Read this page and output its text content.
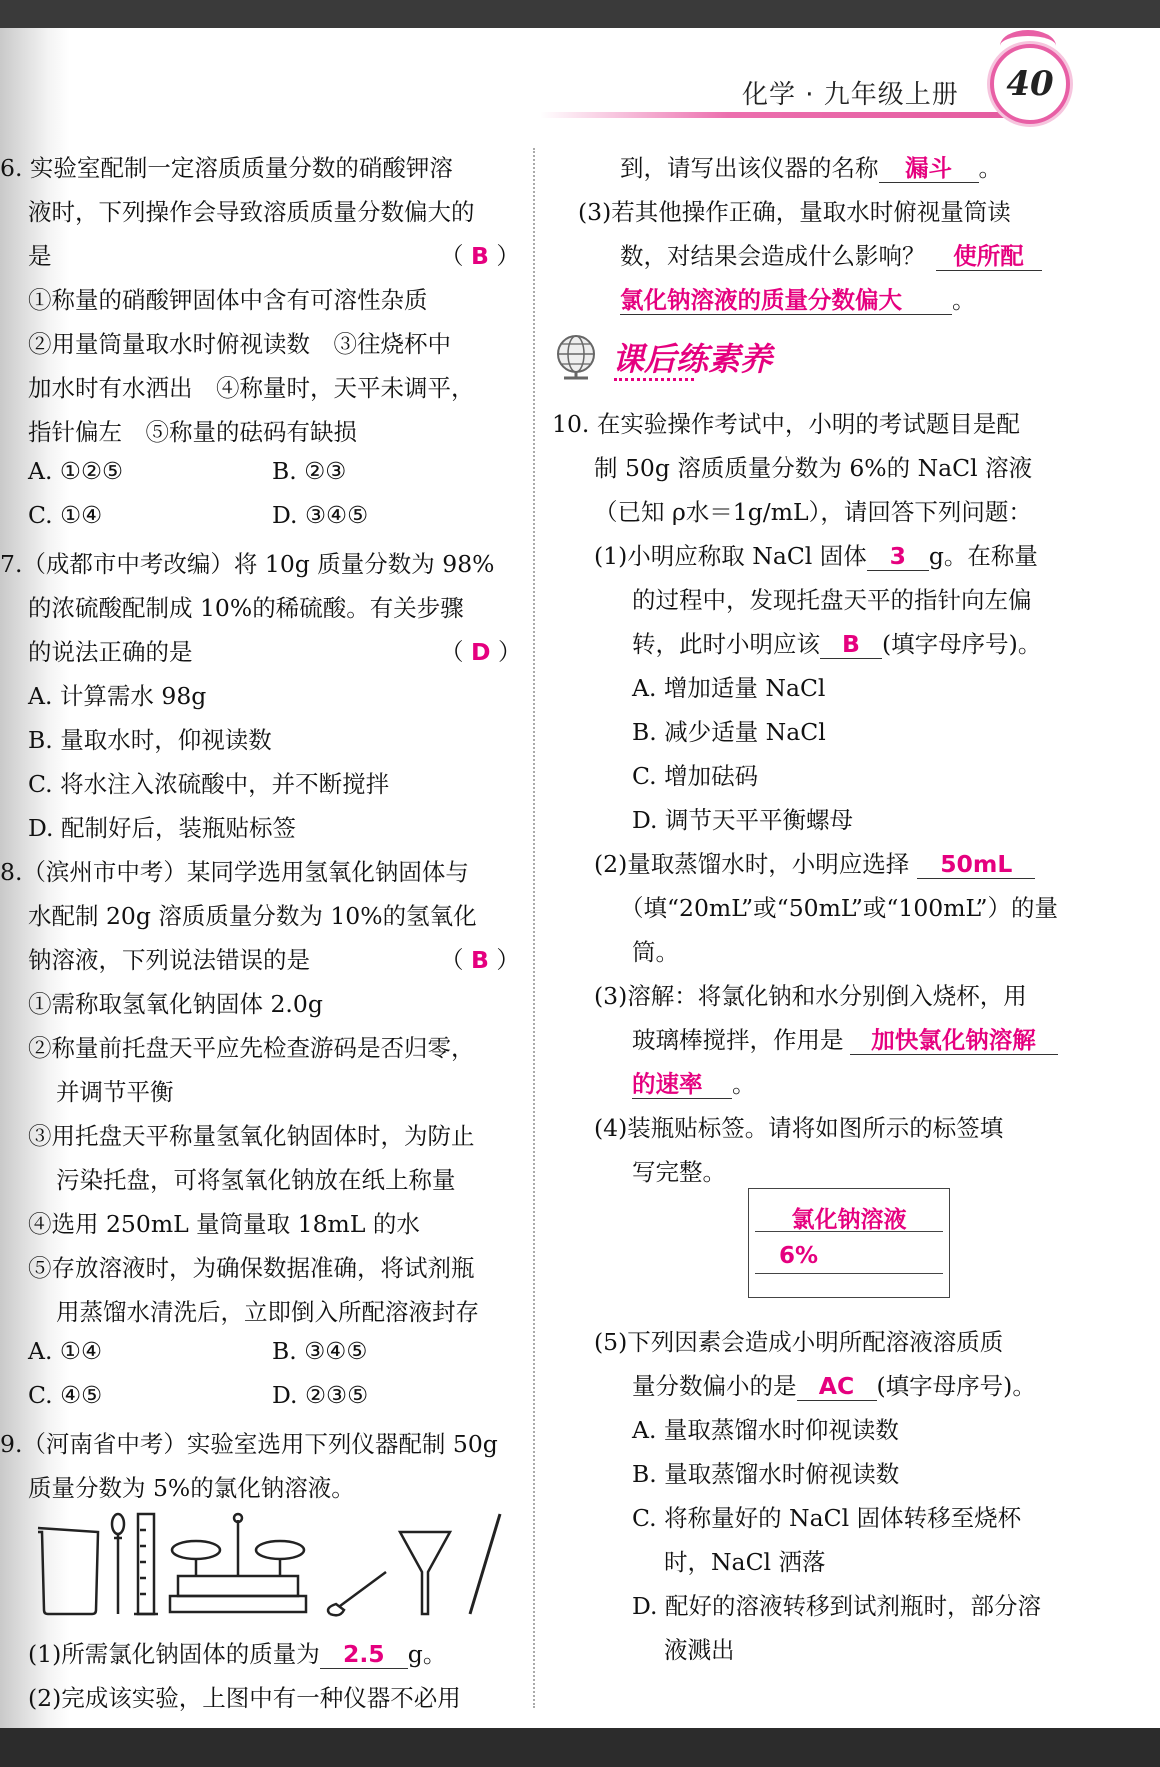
化学 · 九年级上册	40
6. 实验室配制一定溶质质量分数的硝酸钾溶
液时，下列操作会导致溶质质量分数偏大的
是	（ B ）
①称量的硝酸钾固体中含有可溶性杂质
②用量筒量取水时俯视读数　③往烧杯中
加水时有水洒出　④称量时，天平未调平，
指针偏左　⑤称量的砝码有缺损
A. ①②⑤	B. ②③
C. ①④	D. ③④⑤
7.（成都市中考改编）将 10g 质量分数为 98%
的浓硫酸配制成 10%的稀硫酸。有关步骤
的说法正确的是	（ D ）
A. 计算需水 98g
B. 量取水时，仰视读数
C. 将水注入浓硫酸中，并不断搅拌
D. 配制好后，装瓶贴标签
8.（滨州市中考）某同学选用氢氧化钠固体与
水配制 20g 溶质质量分数为 10%的氢氧化
钠溶液，下列说法错误的是	（ B ）
①需称取氢氧化钠固体 2.0g
②称量前托盘天平应先检查游码是否归零，
并调节平衡
③用托盘天平称量氢氧化钠固体时，为防止
污染托盘，可将氢氧化钠放在纸上称量
④选用 250mL 量筒量取 18mL 的水
⑤存放溶液时，为确保数据准确，将试剂瓶
用蒸馏水清洗后，立即倒入所配溶液封存
A. ①④	B. ③④⑤
C. ④⑤	D. ②③⑤
9.（河南省中考）实验室选用下列仪器配制 50g
质量分数为 5%的氯化钠溶液。
(1)所需氯化钠固体的质量为 2.5 g。
(2)完成该实验，上图中有一种仪器不必用
到，请写出该仪器的名称 漏斗 。
(3)若其他操作正确，量取水时俯视量筒读
数，对结果会造成什么影响？ 使所配
氯化钠溶液的质量分数偏大 。
课后练素养
10. 在实验操作考试中，小明的考试题目是配
制 50g 溶质质量分数为 6%的 NaCl 溶液
（已知 ρ水＝1g/mL），请回答下列问题：
(1)小明应称取 NaCl 固体 3 g。在称量
的过程中，发现托盘天平的指针向左偏
转，此时小明应该 B (填字母序号)。
A. 增加适量 NaCl
B. 减少适量 NaCl
C. 增加砝码
D. 调节天平平衡螺母
(2)量取蒸馏水时，小明应选择 50mL
（填“20mL”或“50mL”或“100mL”）的量
筒。
(3)溶解：将氯化钠和水分别倒入烧杯，用
玻璃棒搅拌，作用是 加快氯化钠溶解
的速率 。
(4)装瓶贴标签。请将如图所示的标签填
写完整。
(5)下列因素会造成小明所配溶液溶质质
量分数偏小的是 AC (填字母序号)。
A. 量取蒸馏水时仰视读数
B. 量取蒸馏水时俯视读数
C. 将称量好的 NaCl 固体转移至烧杯
时，NaCl 洒落
D. 配好的溶液转移到试剂瓶时，部分溶
液溅出
氯化钠溶液
6%
